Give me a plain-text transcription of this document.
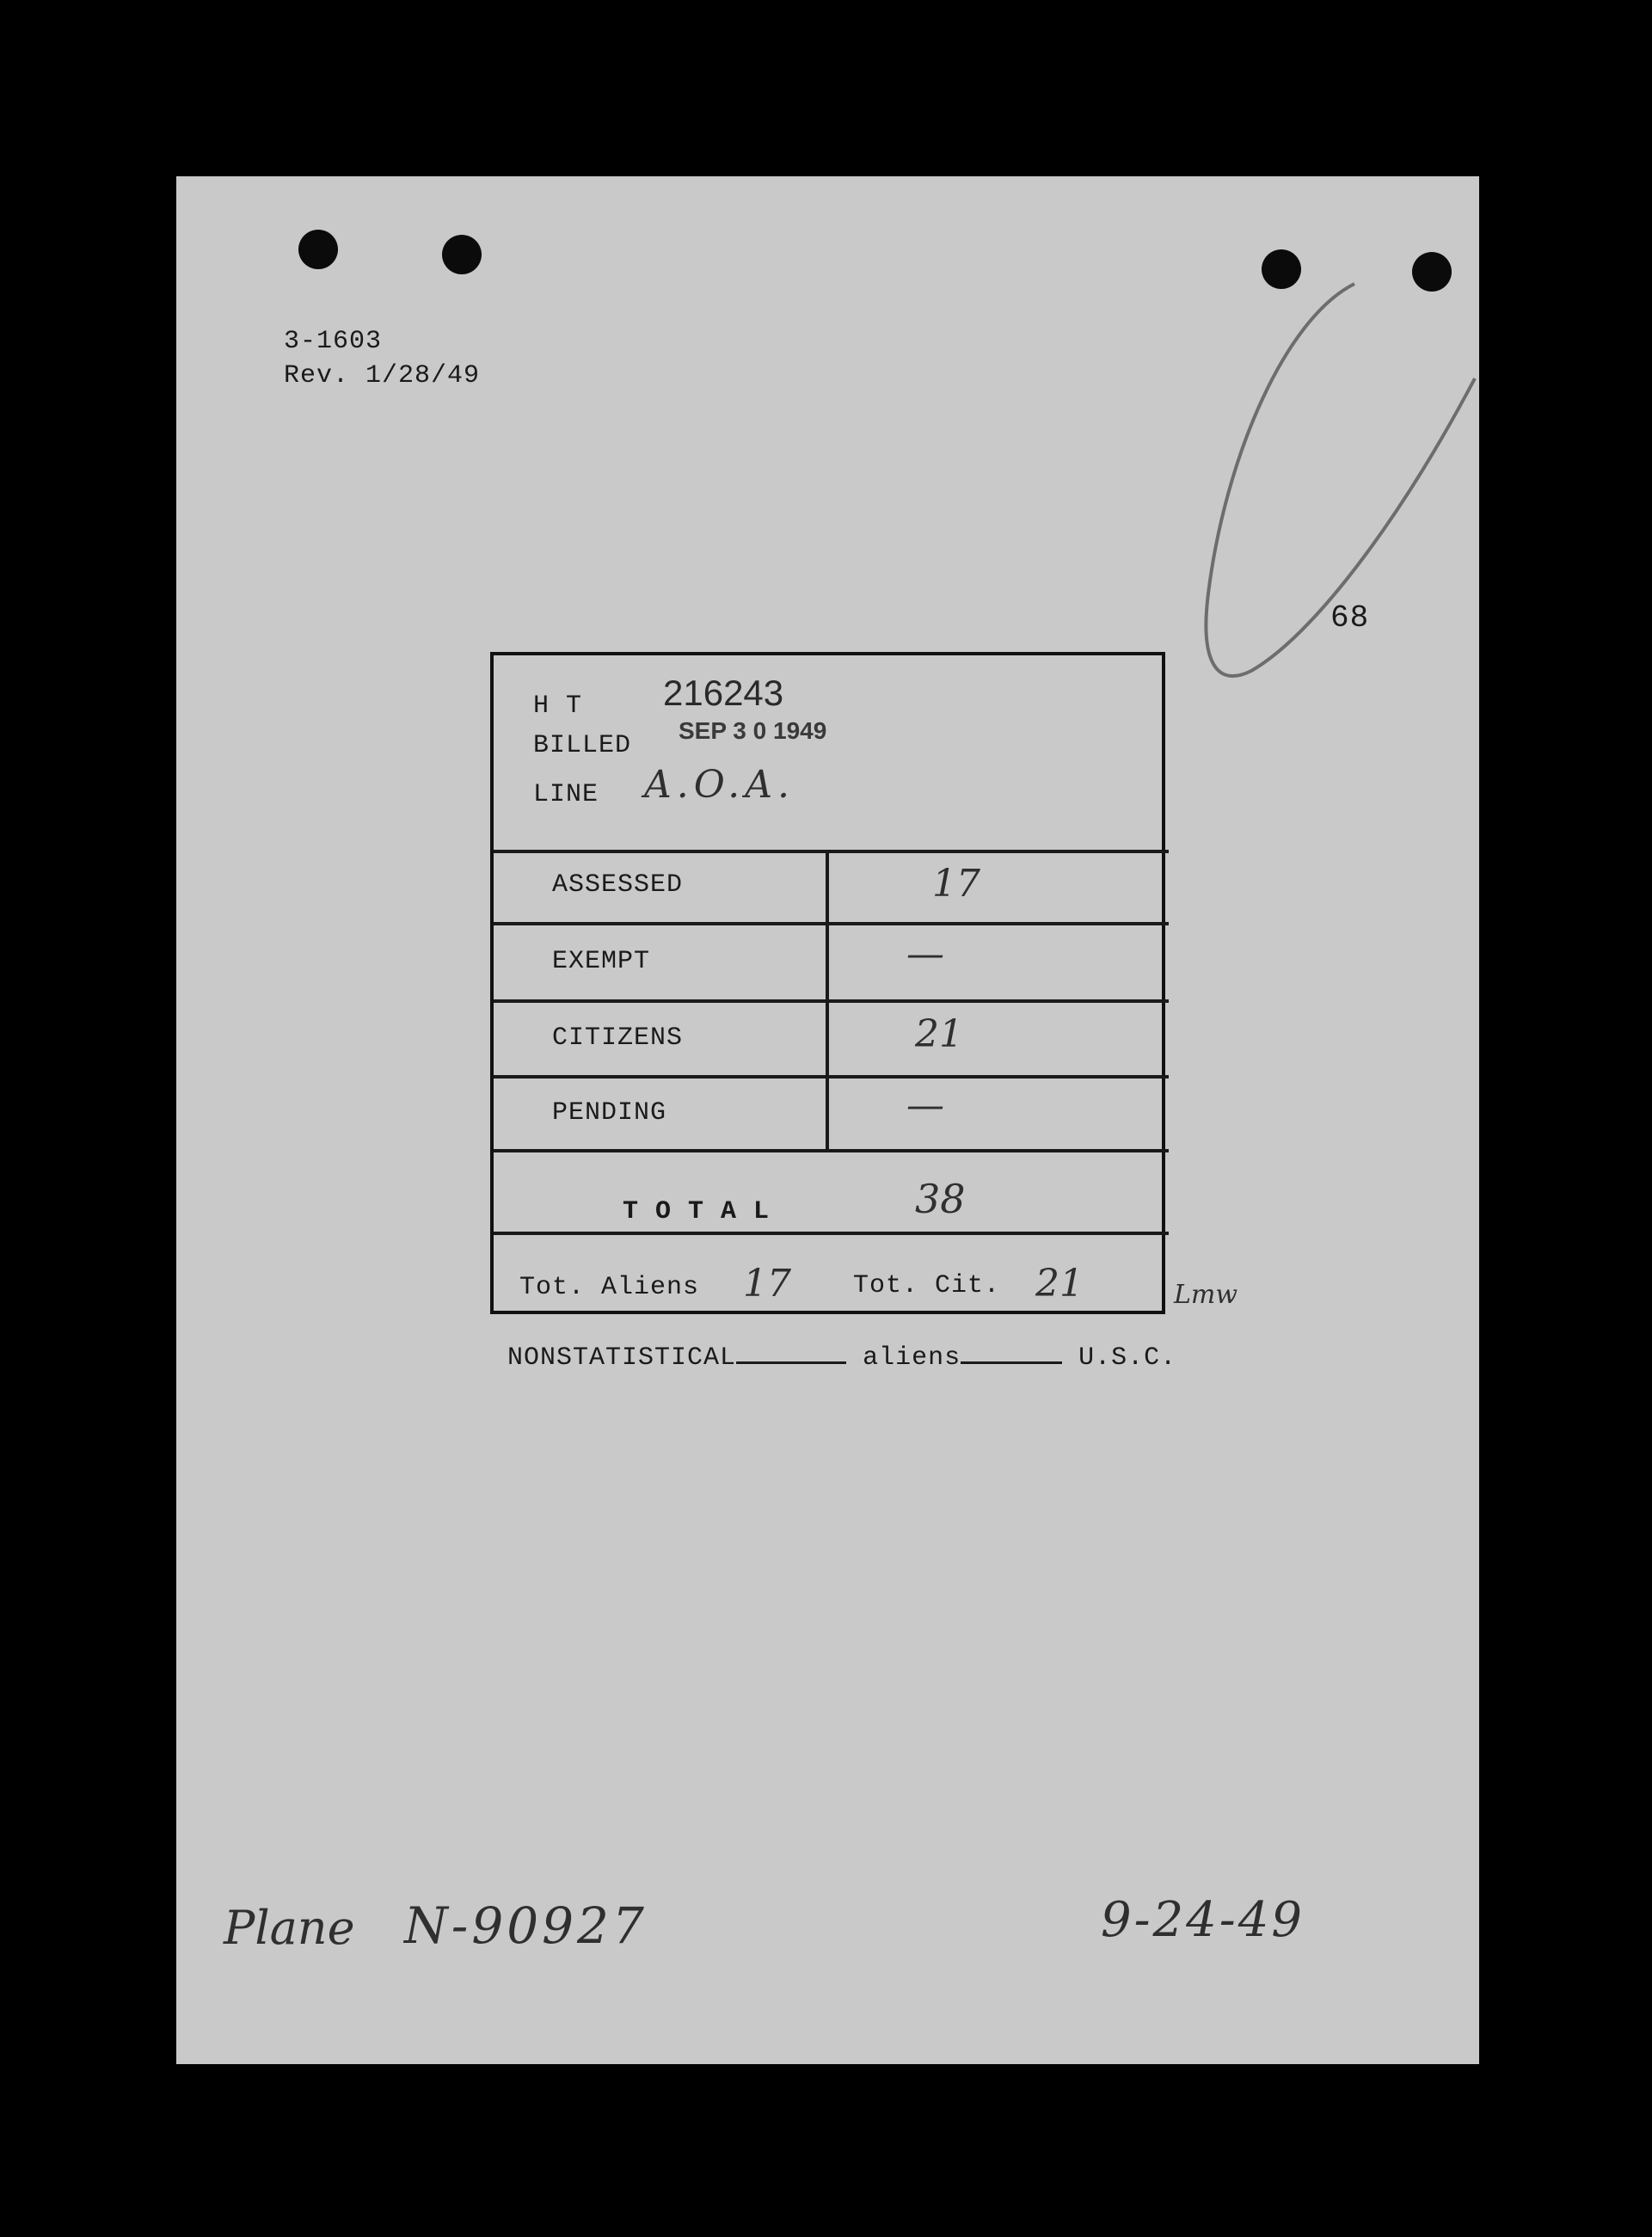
3-1603
Rev. 1/28/49
68
NONSTATISTICAL	aliens	U.S.C.
Plane N-90927	9-24-49
H T 216243
BILLED
SEP 3 0 1949
LINE A.O.A.
ASSESSED	17
EXEMPT	—
CITIZENS	21
PENDING	—
T O T A L	38
Tot. Aliens 17 Tot. Cit. 21	Lmw
